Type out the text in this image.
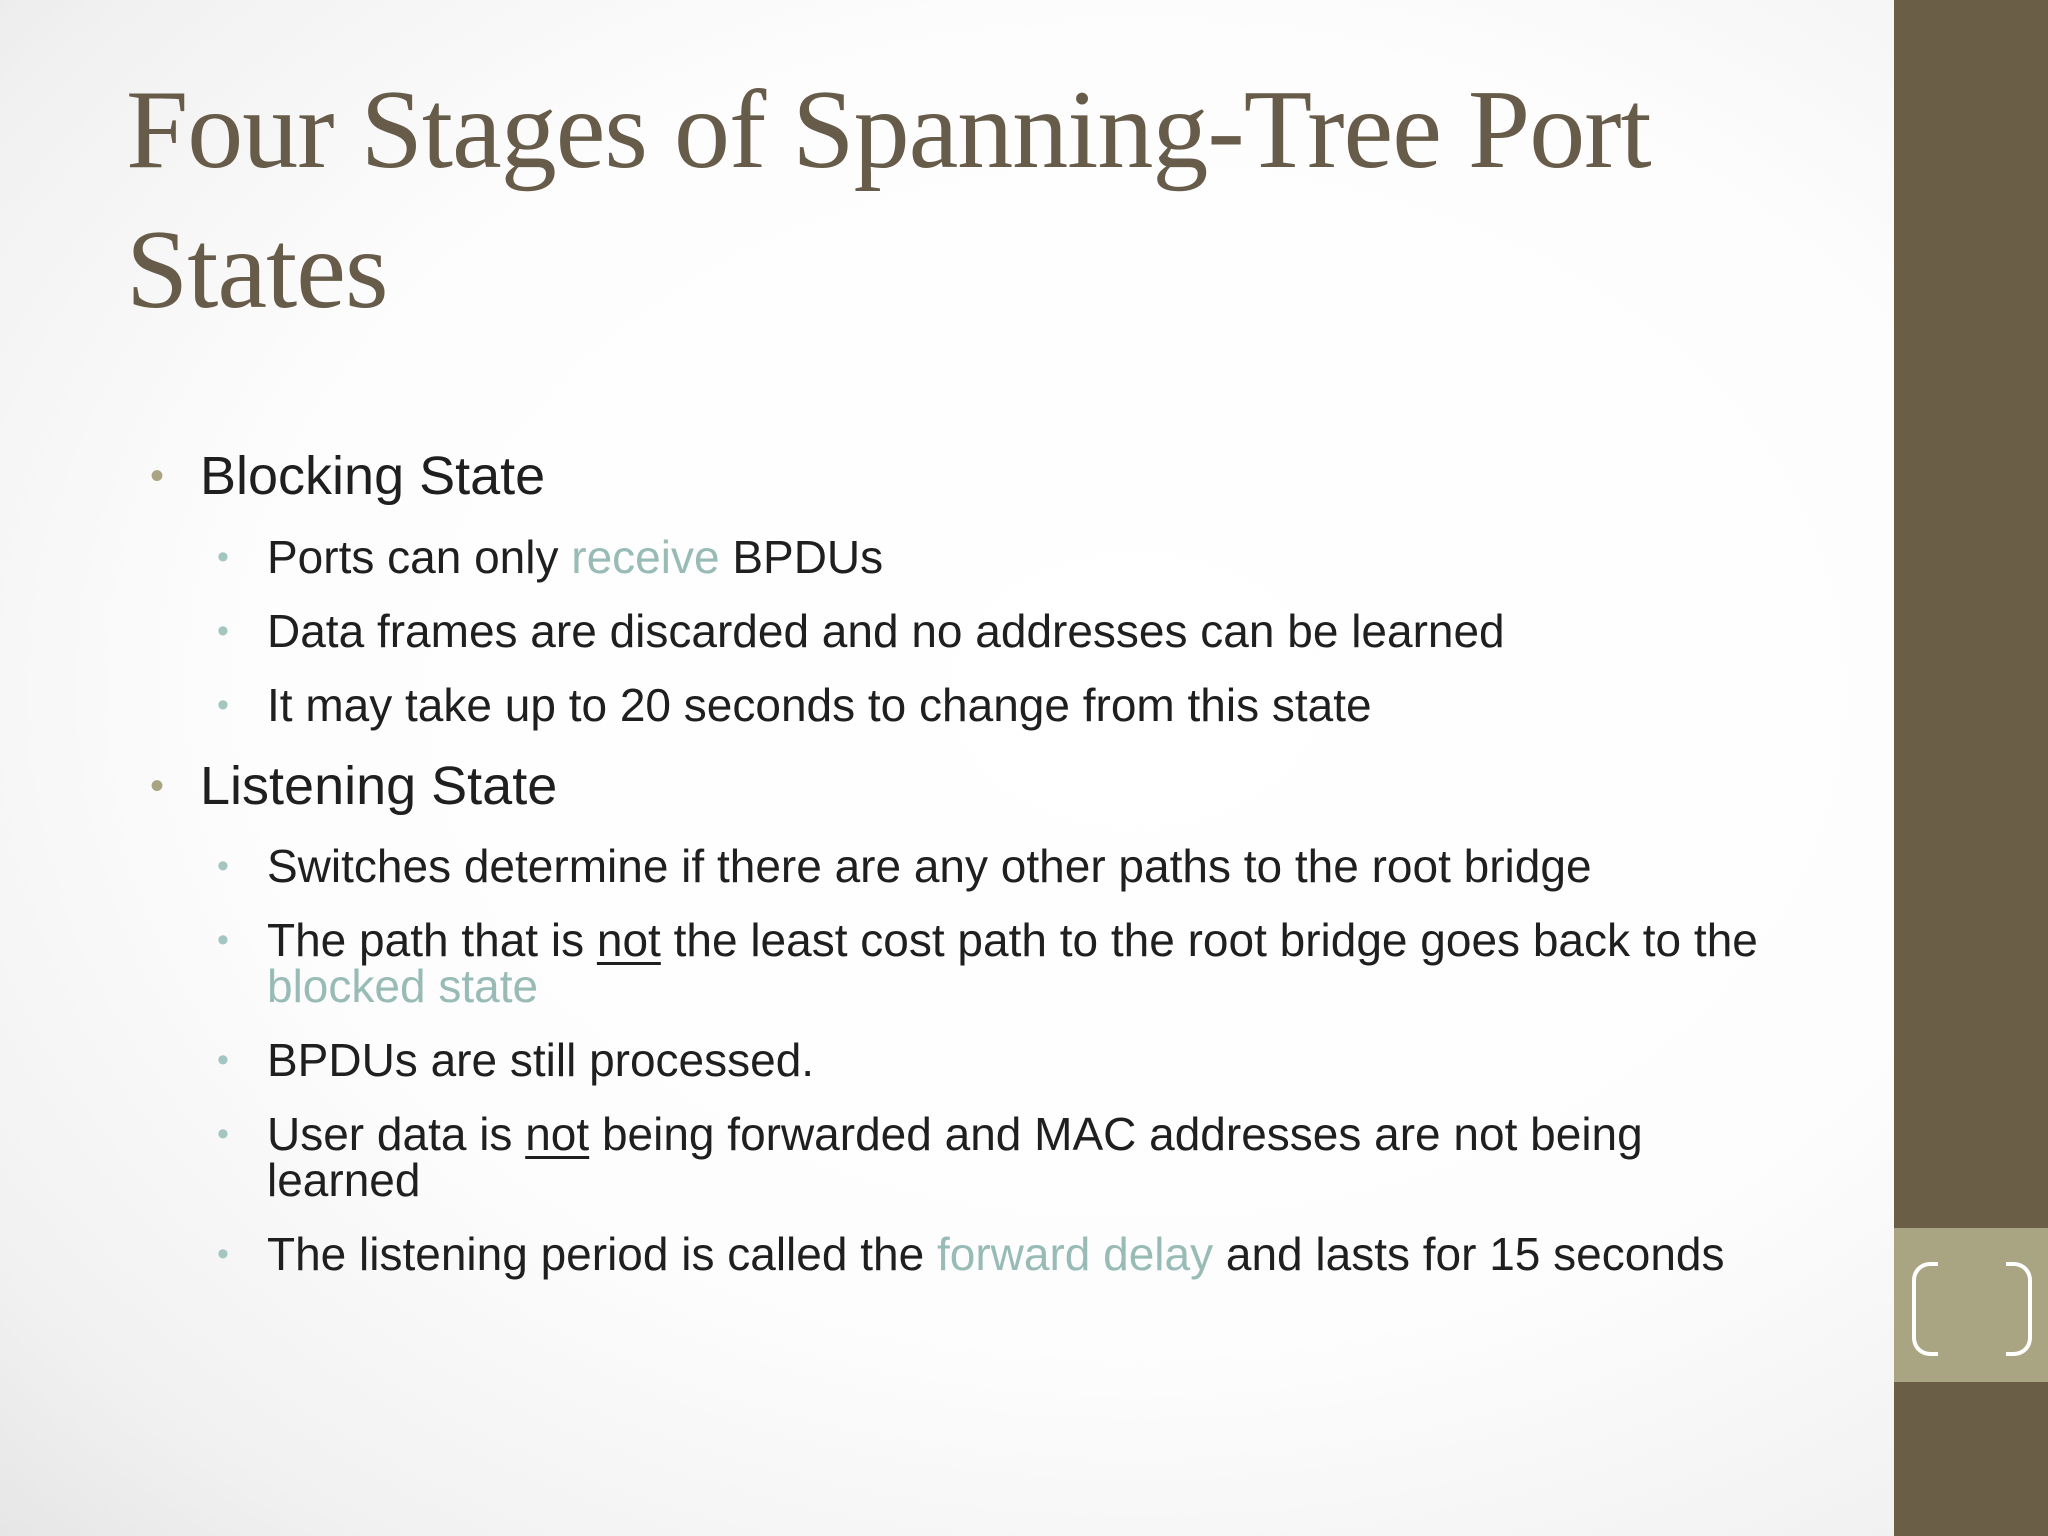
Four Stages of Spanning-Tree Port States
• Blocking State
• Ports can only receive BPDUs
• Data frames are discarded and no addresses can be learned
• It may take up to 20 seconds to change from this state
• Listening State
• Switches determine if there are any other paths to the root bridge
• The path that is not the least cost path to the root bridge goes back to the blocked state
• BPDUs are still processed.
• User data is not being forwarded and MAC addresses are not being learned
• The listening period is called the forward delay and lasts for 15 seconds
